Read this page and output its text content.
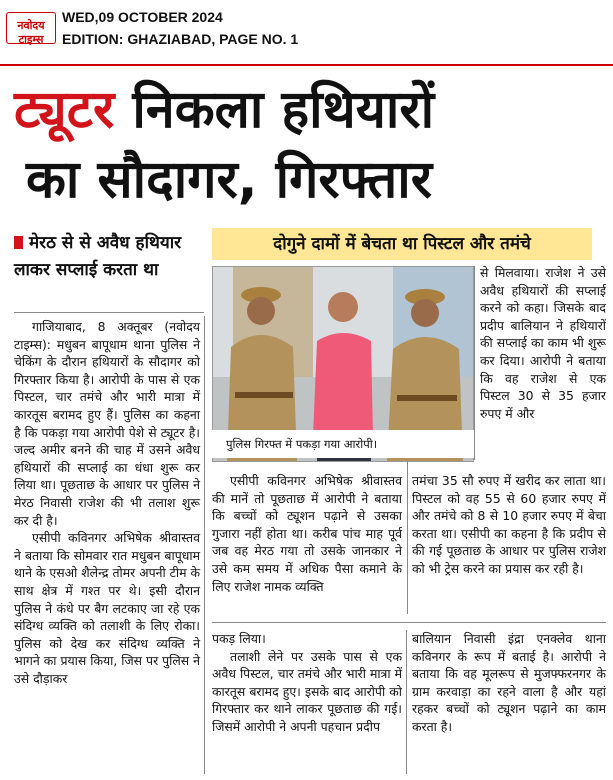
नवोदय टाइम्स
WED,09 OCTOBER 2024
EDITION: GHAZIABAD, PAGE NO. 1
ट्यूटर निकला हथियारों
का सौदागर, गिरफ्तार
मेरठ से से अवैध हथियार लाकर सप्लाई करता था
दोगुने दामों में बेचता था पिस्टल और तमंचे
पुलिस गिरफ्त में पकड़ा गया आरोपी।

गाजियाबाद, 8 अक्तूबर (नवोदय टाइम्स): मधुबन बापूधाम थाना पुलिस ने चेकिंग के दौरान हथियारों के सौदागर को गिरफ्तार किया है। आरोपी के पास से एक पिस्टल, चार तमंचे और भारी मात्रा में कारतूस बरामद हुए हैं। पुलिस का कहना है कि पकड़ा गया आरोपी पेशे से ट्यूटर है। जल्द अमीर बनने की चाह में उसने अवैध हथियारों की सप्लाई का धंधा शुरू कर लिया था। पूछताछ के आधार पर पुलिस ने मेरठ निवासी राजेश की भी तलाश शुरू कर दी है।

एसीपी कविनगर अभिषेक श्रीवास्तव ने बताया कि सोमवार रात मधुबन बापूधाम थाने के एसओ शैलेन्द्र तोमर अपनी टीम के साथ क्षेत्र में गश्त पर थे। इसी दौरान पुलिस ने कंधे पर बैग लटकाए जा रहे एक संदिग्ध व्यक्ति को तलाशी के लिए रोका। पुलिस को देख कर संदिग्ध व्यक्ति ने भागने का प्रयास किया, जिस पर पुलिस ने उसे दौड़ाकर

से मिलवाया। राजेश ने उसे अवैध हथियारों की सप्लाई करने को कहा। जिसके बाद प्रदीप बालियान ने हथियारों की सप्लाई का काम भी शुरू कर दिया। आरोपी ने बताया कि वह राजेश से एक पिस्टल 30 से 35 हजार रुपए में और

एसीपी कविनगर अभिषेक श्रीवास्तव की मानें तो पूछताछ में आरोपी ने बताया कि बच्चों को ट्यूशन पढ़ाने से उसका गुजारा नहीं होता था। करीब पांच माह पूर्व जब वह मेरठ गया तो उसके जानकार ने उसे कम समय में अधिक पैसा कमाने के लिए राजेश नामक व्यक्ति

तमंचा 35 सौ रुपए में खरीद कर लाता था। पिस्टल को वह 55 से 60 हजार रुपए में और तमंचे को 8 से 10 हजार रुपए में बेचा करता था। एसीपी का कहना है कि प्रदीप से की गई पूछताछ के आधार पर पुलिस राजेश को भी ट्रेस करने का प्रयास कर रही है।

पकड़ लिया।

तलाशी लेने पर उसके पास से एक अवैध पिस्टल, चार तमंचे और भारी मात्रा में कारतूस बरामद हुए। इसके बाद आरोपी को गिरफ्तार कर थाने लाकर पूछताछ की गई। जिसमें आरोपी ने अपनी पहचान प्रदीप

बालियान निवासी इंद्रा एनक्लेव थाना कविनगर के रूप में बताई है। आरोपी ने बताया कि वह मूलरूप से मुजफ्फरनगर के ग्राम करवाड़ा का रहने वाला है और यहां रहकर बच्चों को ट्यूशन पढ़ाने का काम करता है।
